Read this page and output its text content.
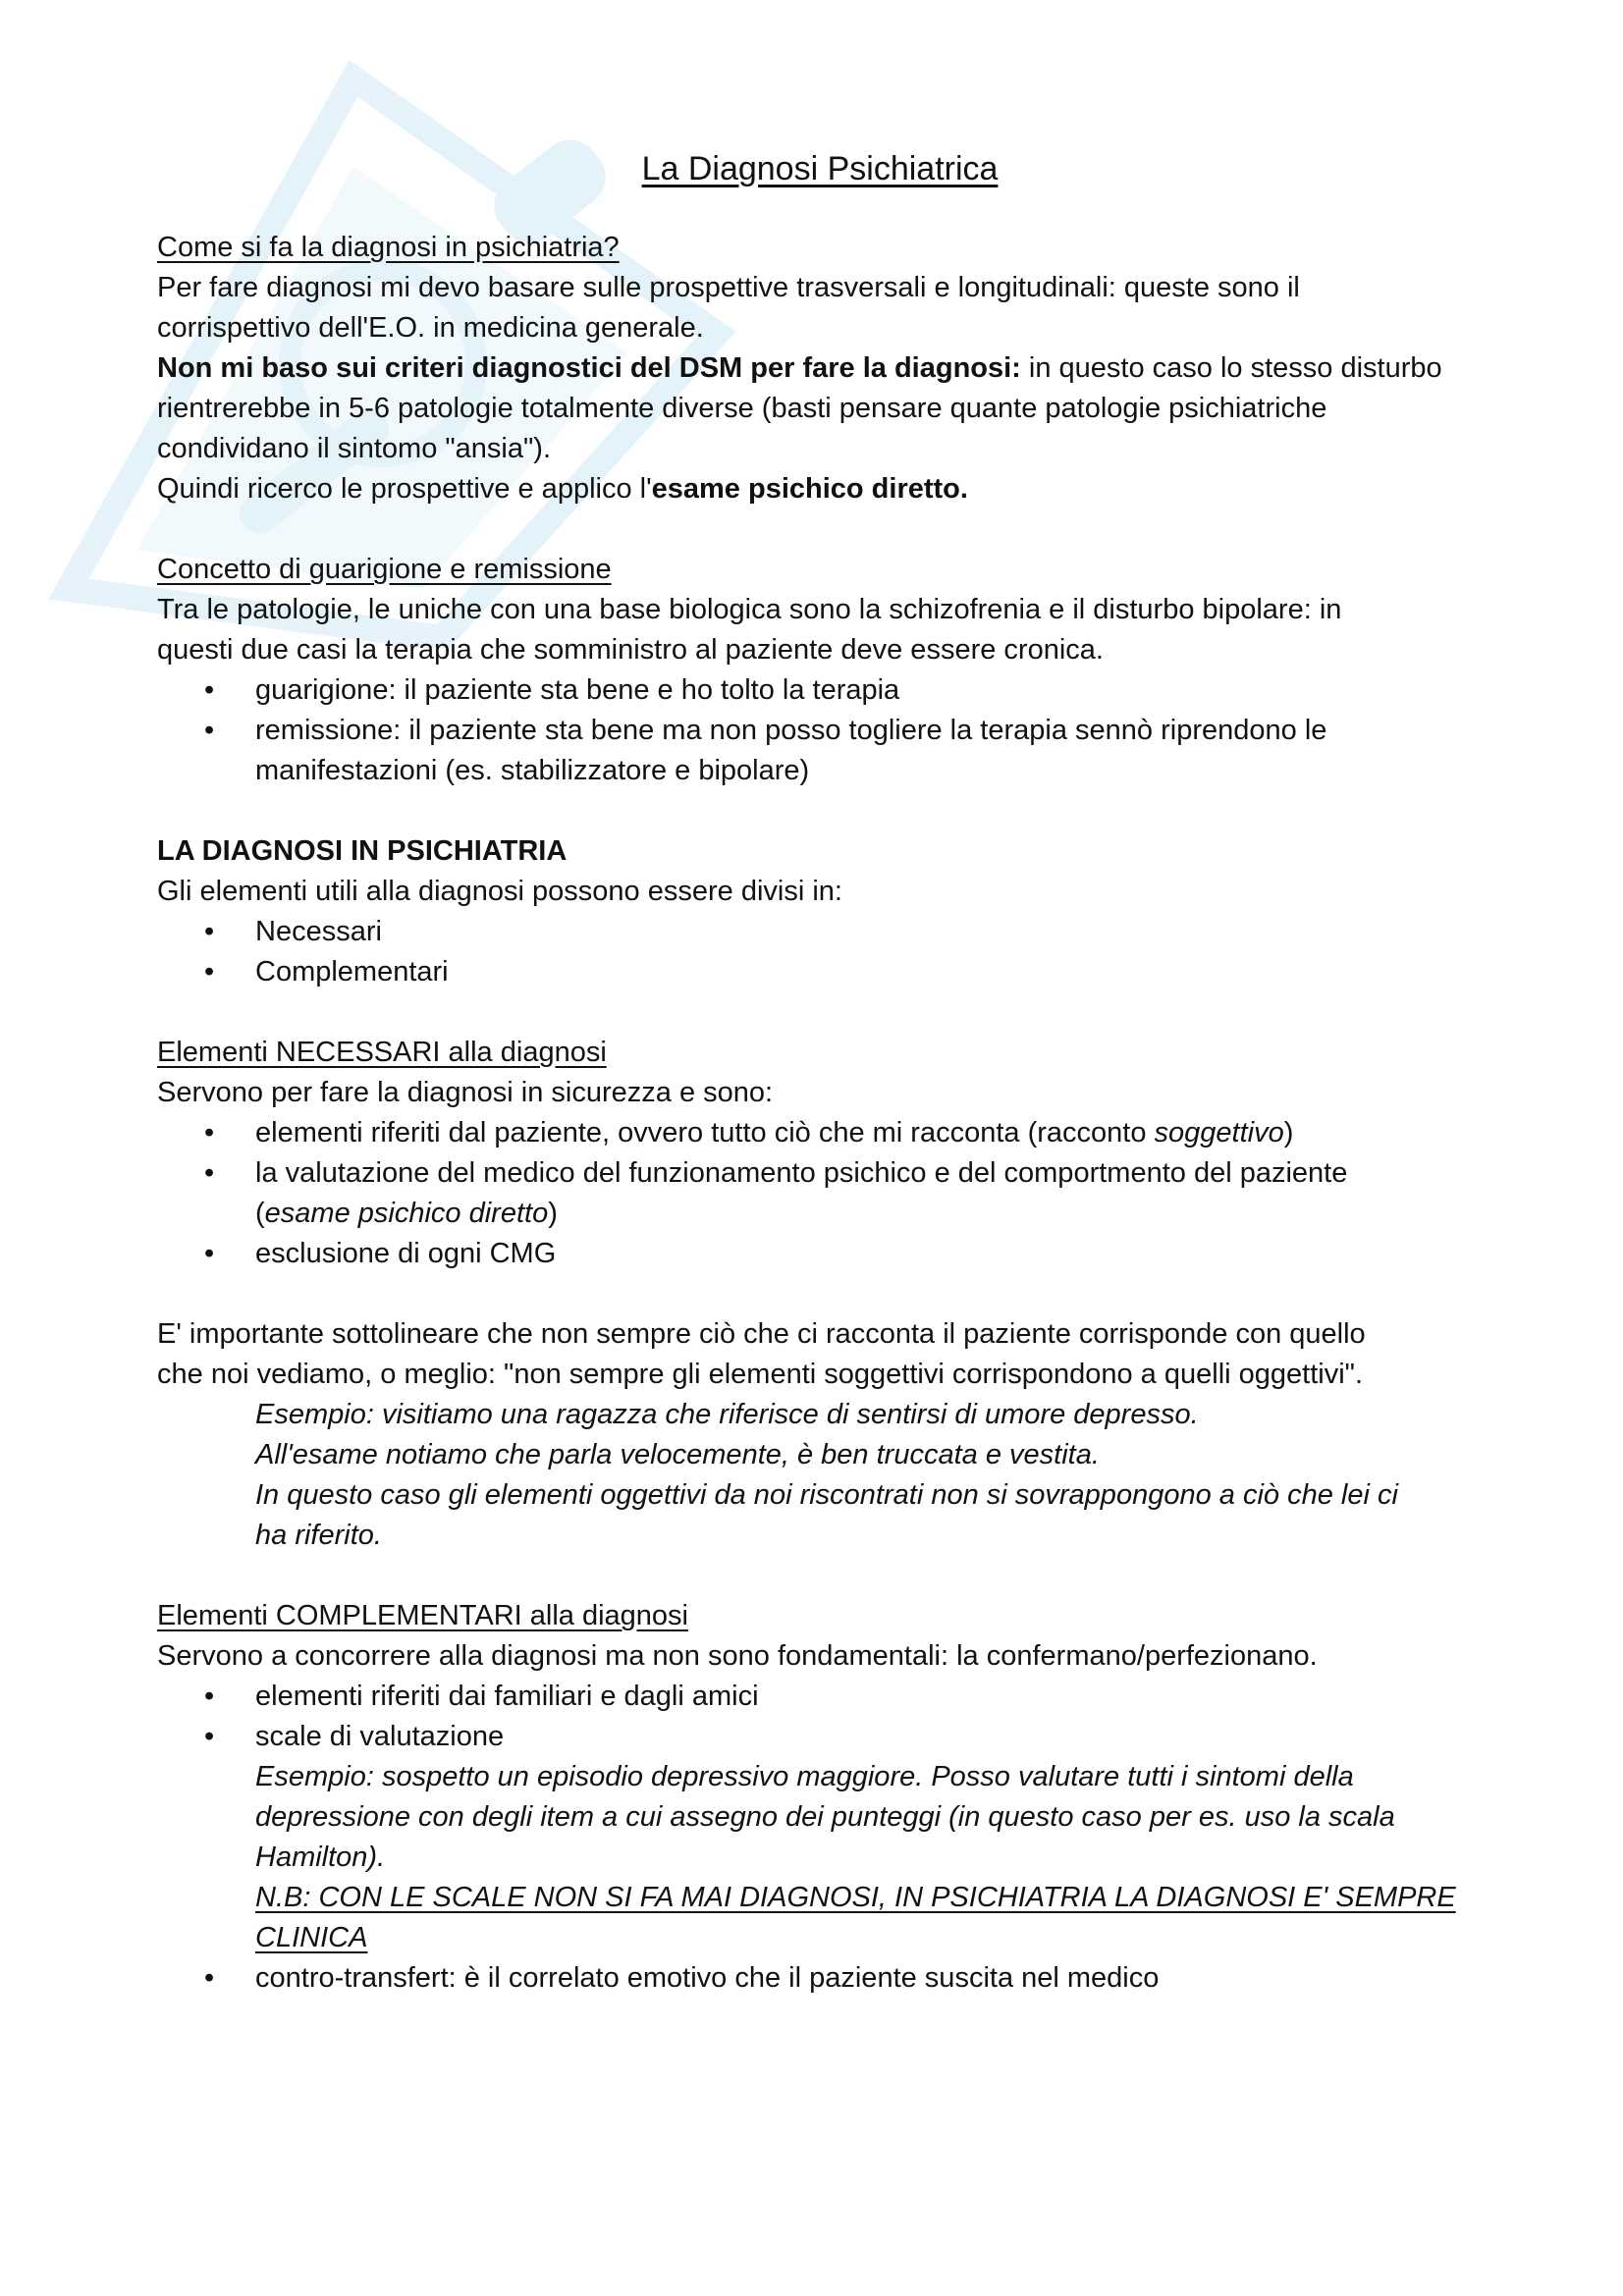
La Diagnosi Psichiatrica

Come si fa la diagnosi in psichiatria?

Per fare diagnosi mi devo basare sulle prospettive trasversali e longitudinali: queste sono il

corrispettivo dell'E.O. in medicina generale.

Non mi baso sui criteri diagnostici del DSM per fare la diagnosi: in questo caso lo stesso disturbo

rientrerebbe in 5-6 patologie totalmente diverse (basti pensare quante patologie psichiatriche

condividano il sintomo "ansia").

Quindi ricerco le prospettive e applico l'esame psichico diretto.

Concetto di guarigione e remissione

Tra le patologie, le uniche con una base biologica sono la schizofrenia e il disturbo bipolare: in

questi due casi la terapia che somministro al paziente deve essere cronica.

• guarigione: il paziente sta bene e ho tolto la terapia
• remissione: il paziente sta bene ma non posso togliere la terapia sennò riprendono le
manifestazioni (es. stabilizzatore e bipolare)

LA DIAGNOSI IN PSICHIATRIA

Gli elementi utili alla diagnosi possono essere divisi in:

• Necessari
• Complementari

Elementi NECESSARI alla diagnosi

Servono per fare la diagnosi in sicurezza e sono:

• elementi riferiti dal paziente, ovvero tutto ciò che mi racconta (racconto soggettivo)
• la valutazione del medico del funzionamento psichico e del comportmento del paziente
(esame psichico diretto)
• esclusione di ogni CMG

E' importante sottolineare che non sempre ciò che ci racconta il paziente corrisponde con quello

che noi vediamo, o meglio: "non sempre gli elementi soggettivi corrispondono a quelli oggettivi".

Esempio: visitiamo una ragazza che riferisce di sentirsi di umore depresso.

All'esame notiamo che parla velocemente, è ben truccata e vestita.

In questo caso gli elementi oggettivi da noi riscontrati non si sovrappongono a ciò che lei ci

ha riferito.

Elementi COMPLEMENTARI alla diagnosi

Servono a concorrere alla diagnosi ma non sono fondamentali: la confermano/perfezionano.

• elementi riferiti dai familiari e dagli amici
• scale di valutazione
Esempio: sospetto un episodio depressivo maggiore. Posso valutare tutti i sintomi della
depressione con degli item a cui assegno dei punteggi (in questo caso per es. uso la scala
Hamilton).
N.B: CON LE SCALE NON SI FA MAI DIAGNOSI, IN PSICHIATRIA LA DIAGNOSI E' SEMPRE
CLINICA
• contro-transfert: è il correlato emotivo che il paziente suscita nel medico
